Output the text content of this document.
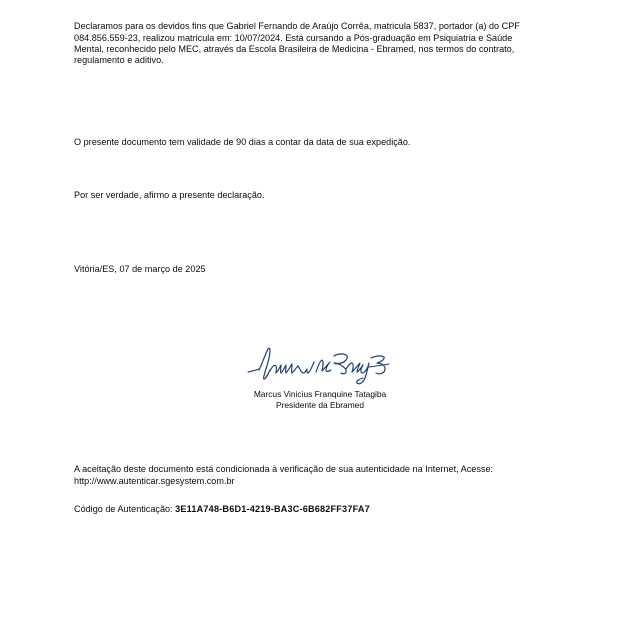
Declaramos para os devidos fins que Gabriel Fernando de Araújo Corrêa, matricula 5837, portador (a) do CPF 084.856.559-23, realizou matricula em: 10/07/2024. Está cursando a Pós-graduação em Psiquiatria e Saúde Mental, reconhecido pelo MEC, através da Escola Brasileira de Medicina - Ebramed, nos termos do contrato, regulamento e aditivo.

O presente documento tem validade de 90 dias a contar da data de sua expedição.

Por ser verdade, afirmo a presente declaração.

Vitória/ES, 07 de março de 2025

Marcus Vinicius Franquine Tatagiba
Presidente da Ebramed

A aceitação deste documento está condicionada à verificação de sua autenticidade na Internet, Acesse: http://www.autenticar.sgesystem.com.br

Código de Autenticação: 3E11A748-B6D1-4219-BA3C-6B682FF37FA7
